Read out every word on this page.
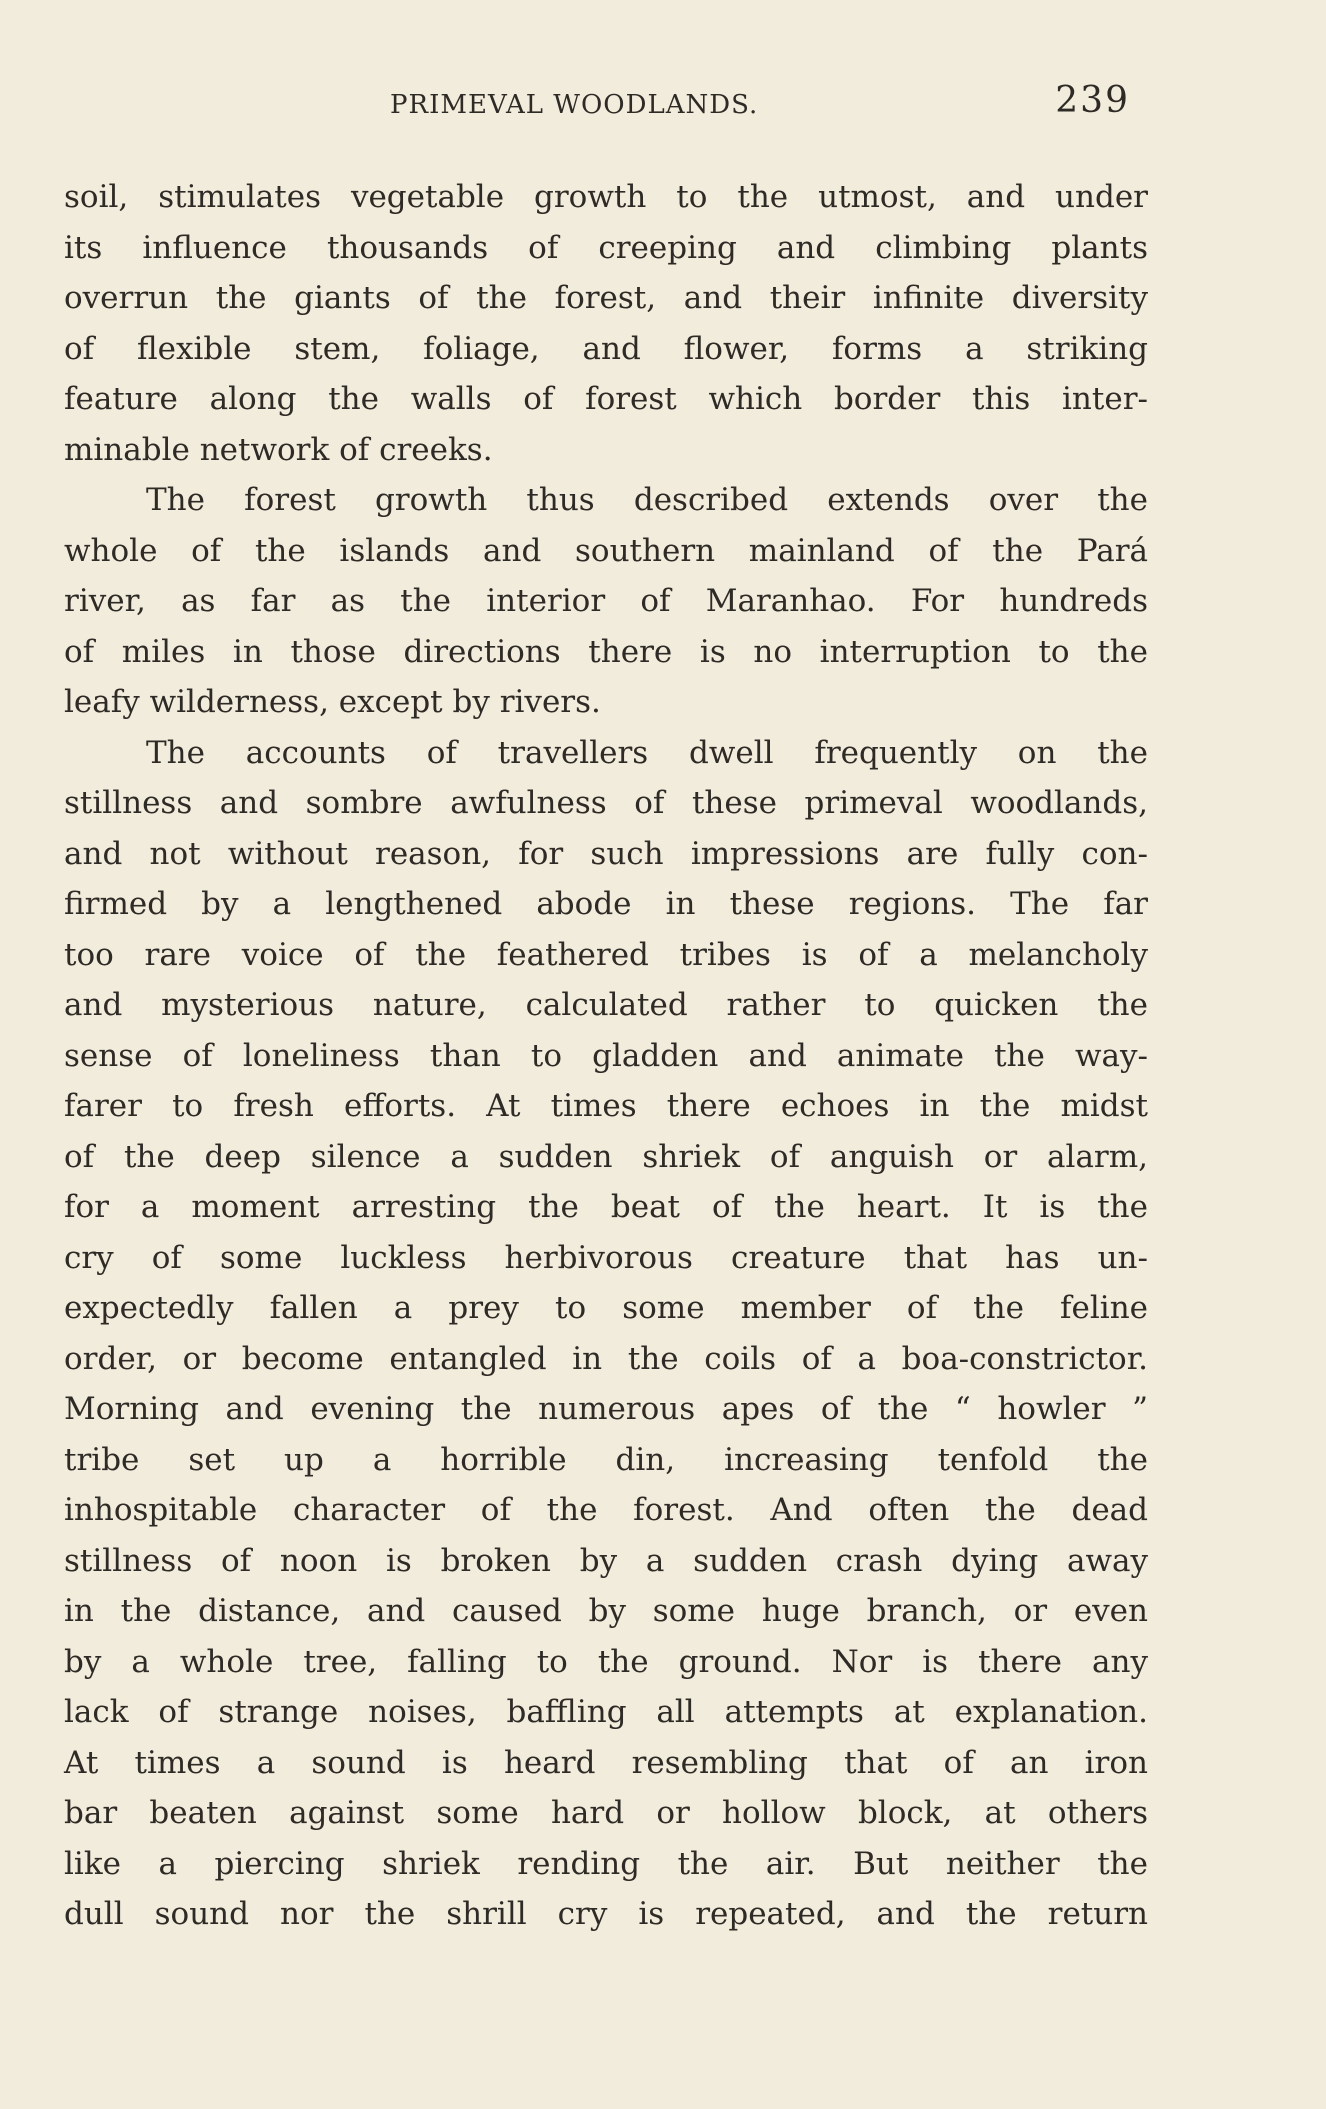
PRIMEVAL WOODLANDS.	239
soil, stimulates vegetable growth to the utmost, and under
its influence thousands of creeping and climbing plants
overrun the giants of the forest, and their infinite diversity
of flexible stem, foliage, and flower, forms a striking
feature along the walls of forest which border this inter-
minable network of creeks.
The forest growth thus described extends over the
whole of the islands and southern mainland of the Pará
river, as far as the interior of Maranhao. For hundreds
of miles in those directions there is no interruption to the
leafy wilderness, except by rivers.
The accounts of travellers dwell frequently on the
stillness and sombre awfulness of these primeval woodlands,
and not without reason, for such impressions are fully con-
firmed by a lengthened abode in these regions. The far
too rare voice of the feathered tribes is of a melancholy
and mysterious nature, calculated rather to quicken the
sense of loneliness than to gladden and animate the way-
farer to fresh efforts. At times there echoes in the midst
of the deep silence a sudden shriek of anguish or alarm,
for a moment arresting the beat of the heart. It is the
cry of some luckless herbivorous creature that has un-
expectedly fallen a prey to some member of the feline
order, or become entangled in the coils of a boa-constrictor.
Morning and evening the numerous apes of the “ howler ”
tribe set up a horrible din, increasing tenfold the
inhospitable character of the forest. And often the dead
stillness of noon is broken by a sudden crash dying away
in the distance, and caused by some huge branch, or even
by a whole tree, falling to the ground. Nor is there any
lack of strange noises, baffling all attempts at explanation.
At times a sound is heard resembling that of an iron
bar beaten against some hard or hollow block, at others
like a piercing shriek rending the air. But neither the
dull sound nor the shrill cry is repeated, and the return
